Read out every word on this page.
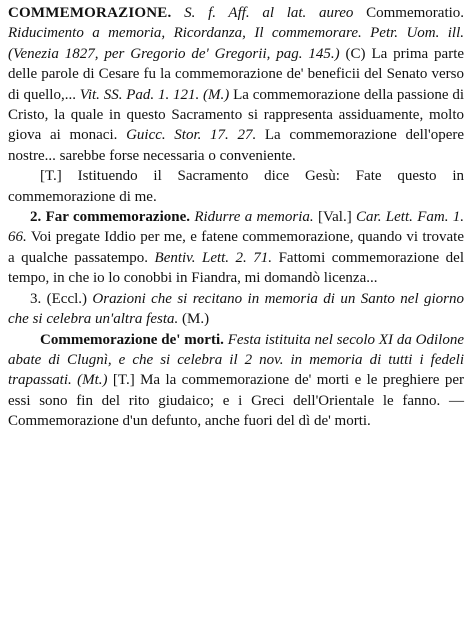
COMMEMORAZIONE. S. f. Aff. al lat. aureo Commemoratio. Riducimento a memoria, Ricordanza, Il commemorare. Petr. Uom. ill. (Venezia 1827, per Gregorio de' Gregorii, pag. 145.) (C) La prima parte delle parole di Cesare fu la commemorazione de' beneficii del Senato verso di quello,... Vit. SS. Pad. 1. 121. (M.) La commemorazione della passione di Cristo, la quale in questo Sacramento si rappresenta assiduamente, molto giova ai monaci. Guicc. Stor. 17. 27. La commemorazione dell'opere nostre... sarebbe forse necessaria o conveniente.

[T.] Istituendo il Sacramento dice Gesù: Fate questo in commemorazione di me.

2. Far commemorazione. Ridurre a memoria. [Val.] Car. Lett. Fam. 1. 66. Voi pregate Iddio per me, e fatene commemorazione, quando vi trovate a qualche passatempo. Bentiv. Lett. 2. 71. Fattomi commemorazione del tempo, in che io lo conobbi in Fiandra, mi domandò licenza...

3. (Eccl.) Orazioni che si recitano in memoria di un Santo nel giorno che si celebra un'altra festa. (M.)

Commemorazione de' morti. Festa istituita nel secolo XI da Odilone abate di Clugnì, e che si celebra il 2 nov. in memoria di tutti i fedeli trapassati. (Mt.) [T.] Ma la commemorazione de' morti e le preghiere per essi sono fin del rito giudaico; e i Greci dell'Orientale le fanno. — Commemorazione d'un defunto, anche fuori del dì de' morti.
